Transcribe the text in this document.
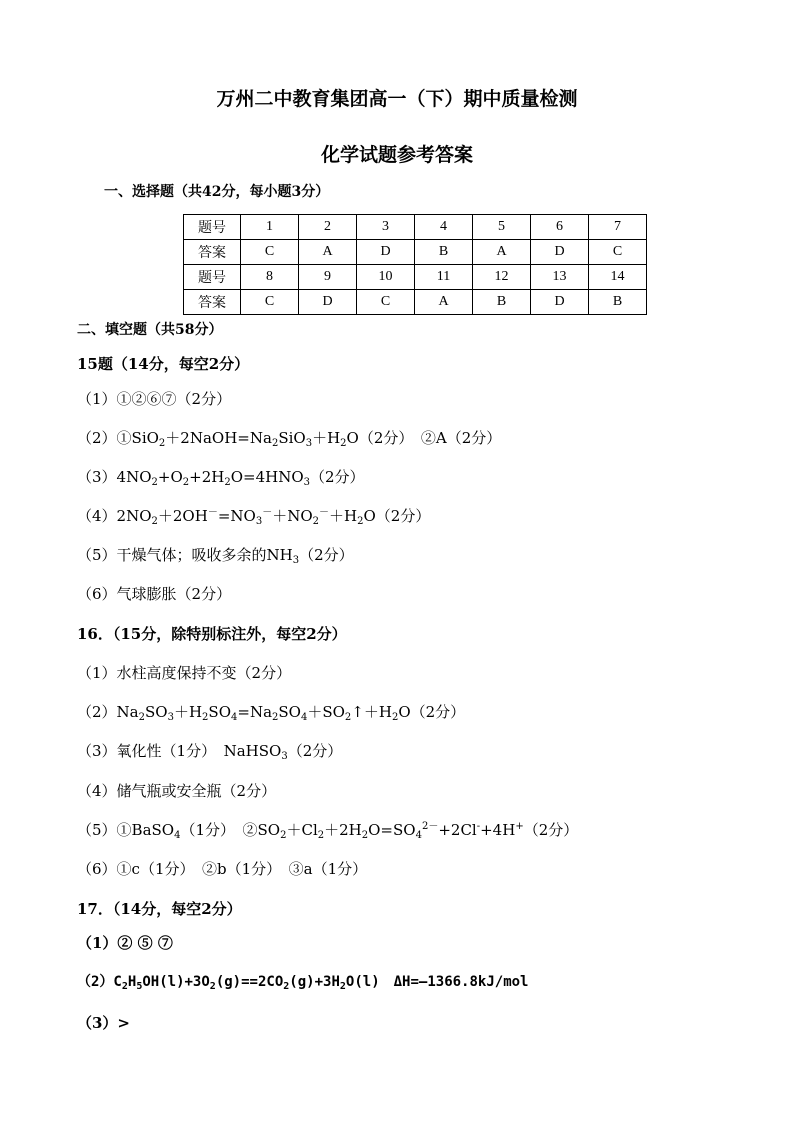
万州二中教育集团高一（下）期中质量检测
化学试题参考答案
一、选择题（共42分，每小题3分）
题号	1	2	3	4	5	6	7
答案	C	A	D	B	A	D	C
题号	8	9	10	11	12	13	14
答案	C	D	C	A	B	D	B
二、填空题（共58分）
15题（14分，每空2分）
（1）①②⑥⑦（2分）
$(2)①SiO_2+2NaOH=Na_2SiO_3+H_2O(2$分）　②A（2分）
$(3)4NO_2+O_2+2H_2O=4HNO_3(2$分）
$(4)2NO_2+2OH^-=NO_3^-+NO_2^-+H_2O(2$分）
（5）干燥气体；吸收多余的$NH_3(2$分）
（6）气球膨胀（2分）
16．（15分，除特别标注外，每空2分）
（1）水柱高度保持不变（2分）
$(2)Na_2SO_3+H_2SO_4=Na_2SO_4+SO_2↑+H_2O(2$分）
（3）氧化性（1分）　NaHSO$_3$（2分）
（4）储气瓶或安全瓶（2分）
（5）①BaSO$_4$（1分）　$②SO_2+Cl_2+2H_2O=SO_4^{2-}+2Cl^-+4H^+(2$分）
（6）①c（1分）　②b（1分）　③a（1分）
17．（14分，每空2分）
（1）② ⑤ ⑦
$(2)C_2H_5OH(l)+3O_2(g)==2CO_2(g)+3H_2O(l)$　ΔH=—1366.8kJ/mol
（3）>
